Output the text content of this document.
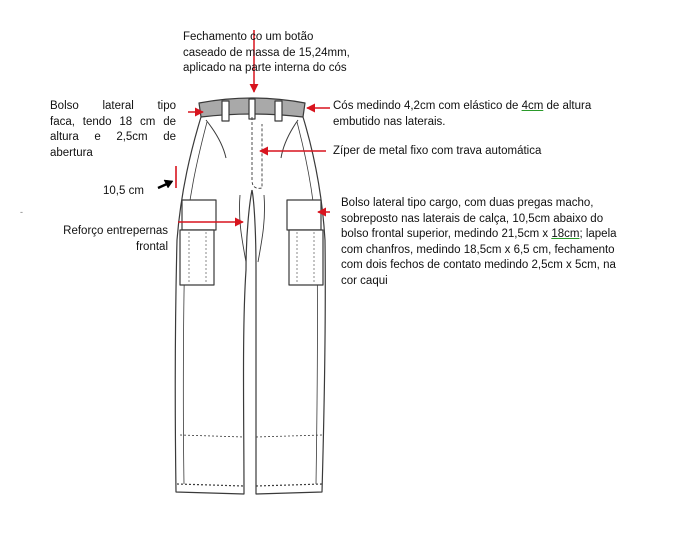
Fechamento co um botão
caseado de massa de 15,24mm,
aplicado na parte interna do cós
Bolso lateral tipo
faca, tendo 18 cm de
altura e 2,5cm de
abertura
Cós medindo 4,2cm com elástico de 4cm de altura
embutido nas laterais.
Zíper de metal fixo com trava automática
10,5 cm
-
Bolso lateral tipo cargo, com duas pregas macho,
sobreposto nas laterais de calça, 10,5cm abaixo do
bolso frontal superior, medindo 21,5cm x 18cm; lapela
com chanfros, medindo 18,5cm x 6,5 cm, fechamento
com dois fechos de contato medindo 2,5cm x 5cm, na
cor caqui
Reforço entrepernas
frontal
